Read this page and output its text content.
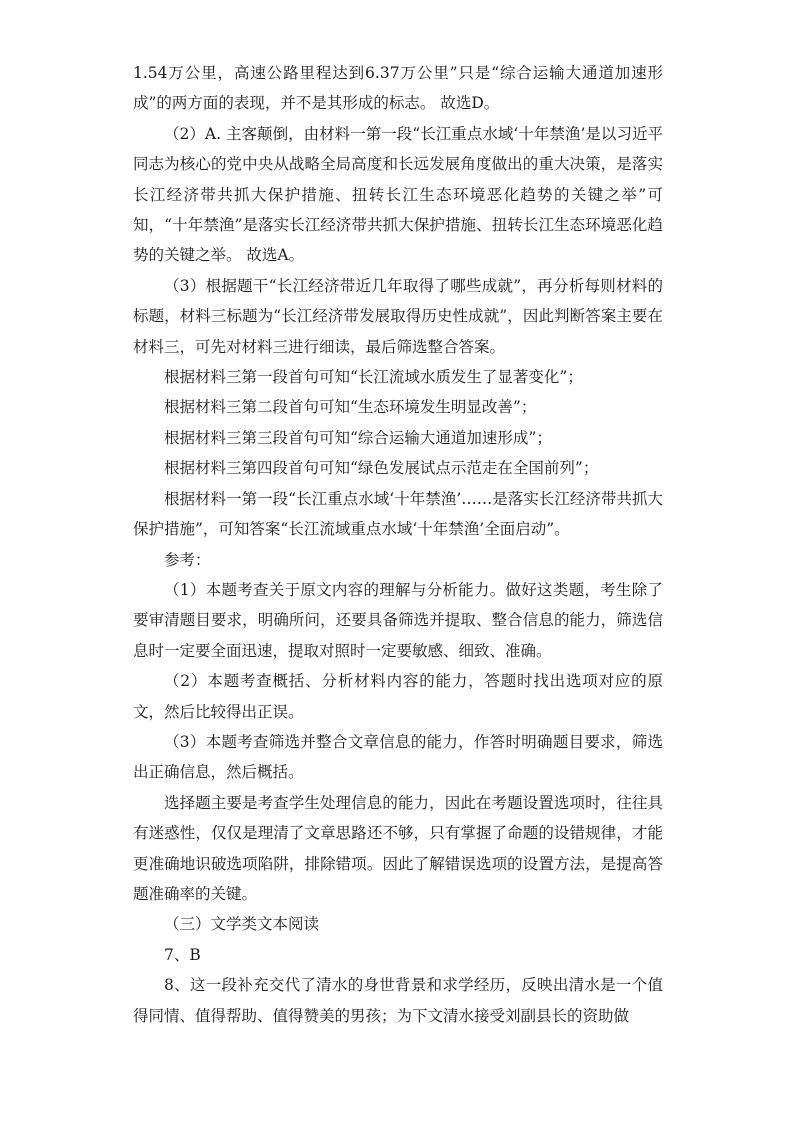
1.54万公里，高速公路里程达到6.37万公里”只是“综合运输大通道加速形成”的两方面的表现，并不是其形成的标志。 故选D。

（2）A. 主客颠倒，由材料一第一段“长江重点水域‘十年禁渔’是以习近平同志为核心的党中央从战略全局高度和长远发展角度做出的重大决策，是落实长江经济带共抓大保护措施、扭转长江生态环境恶化趋势的关键之举”可知，“十年禁渔”是落实长江经济带共抓大保护措施、扭转长江生态环境恶化趋势的关键之举。 故选A。

（3）根据题干“长江经济带近几年取得了哪些成就”，再分析每则材料的标题，材料三标题为“长江经济带发展取得历史性成就”，因此判断答案主要在材料三，可先对材料三进行细读，最后筛选整合答案。

根据材料三第一段首句可知“长江流域水质发生了显著变化”；

根据材料三第二段首句可知“生态环境发生明显改善”；

根据材料三第三段首句可知“综合运输大通道加速形成”；

根据材料三第四段首句可知“绿色发展试点示范走在全国前列”；

根据材料一第一段“长江重点水域‘十年禁渔’……是落实长江经济带共抓大保护措施”，可知答案“长江流域重点水域‘十年禁渔’全面启动”。

参考：

（1）本题考查关于原文内容的理解与分析能力。做好这类题，考生除了要审清题目要求，明确所问，还要具备筛选并提取、整合信息的能力，筛选信息时一定要全面迅速，提取对照时一定要敏感、细致、准确。

（2）本题考查概括、分析材料内容的能力，答题时找出选项对应的原文，然后比较得出正误。

（3）本题考查筛选并整合文章信息的能力，作答时明确题目要求，筛选出正确信息，然后概括。

选择题主要是考查学生处理信息的能力，因此在考题设置选项时，往往具有迷惑性，仅仅是理清了文章思路还不够，只有掌握了命题的设错规律，才能更准确地识破选项陷阱，排除错项。因此了解错误选项的设置方法，是提高答题准确率的关键。

（三）文学类文本阅读

7、B

8、这一段补充交代了清水的身世背景和求学经历，反映出清水是一个值得同情、值得帮助、值得赞美的男孩；为下文清水接受刘副县长的资助做
